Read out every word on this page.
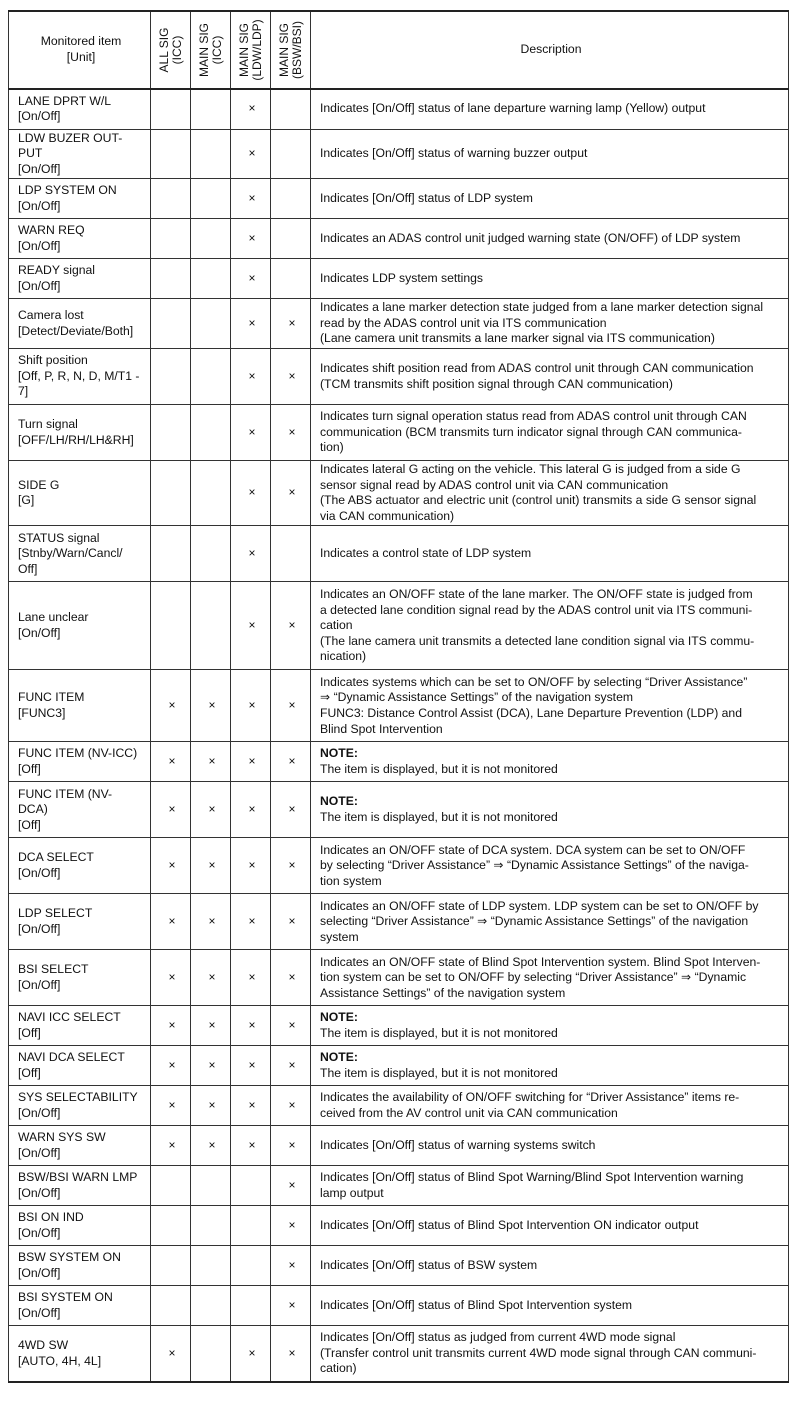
Monitored item
[Unit]	ALL SIG (ICC)	MAIN SIG (ICC)	MAIN SIG (LDW/LDP)	MAIN SIG (BSW/BSI)	Description

LANE DPRT W/L
[On/Off]			×		Indicates [On/Off] status of lane departure warning lamp (Yellow) output

LDW BUZER OUT-
PUT
[On/Off]			×		Indicates [On/Off] status of warning buzzer output

LDP SYSTEM ON
[On/Off]			×		Indicates [On/Off] status of LDP system

WARN REQ
[On/Off]			×		Indicates an ADAS control unit judged warning state (ON/OFF) of LDP system

READY signal
[On/Off]			×		Indicates LDP system settings

Camera lost
[Detect/Deviate/Both]			×	×	Indicates a lane marker detection state judged from a lane marker detection signal
read by the ADAS control unit via ITS communication
(Lane camera unit transmits a lane marker signal via ITS communication)

Shift position
[Off, P, R, N, D, M/T1 -
7]			×	×	Indicates shift position read from ADAS control unit through CAN communication
(TCM transmits shift position signal through CAN communication)

Turn signal
[OFF/LH/RH/LH&RH]			×	×	Indicates turn signal operation status read from ADAS control unit through CAN
communication (BCM transmits turn indicator signal through CAN communica-
tion)

SIDE G
[G]			×	×	Indicates lateral G acting on the vehicle. This lateral G is judged from a side G
sensor signal read by ADAS control unit via CAN communication
(The ABS actuator and electric unit (control unit) transmits a side G sensor signal
via CAN communication)

STATUS signal
[Stnby/Warn/Cancl/
Off]			×		Indicates a control state of LDP system

Lane unclear
[On/Off]			×	×	Indicates an ON/OFF state of the lane marker. The ON/OFF state is judged from
a detected lane condition signal read by the ADAS control unit via ITS communi-
cation
(The lane camera unit transmits a detected lane condition signal via ITS commu-
nication)

FUNC ITEM
[FUNC3]	×	×	×	×	Indicates systems which can be set to ON/OFF by selecting “Driver Assistance”
⇒ “Dynamic Assistance Settings” of the navigation system
FUNC3: Distance Control Assist (DCA), Lane Departure Prevention (LDP) and
Blind Spot Intervention

FUNC ITEM (NV-ICC)
[Off]	×	×	×	×	NOTE:
The item is displayed, but it is not monitored

FUNC ITEM (NV-
DCA)
[Off]	×	×	×	×	NOTE:
The item is displayed, but it is not monitored

DCA SELECT
[On/Off]	×	×	×	×	Indicates an ON/OFF state of DCA system. DCA system can be set to ON/OFF
by selecting “Driver Assistance” ⇒ “Dynamic Assistance Settings” of the naviga-
tion system

LDP SELECT
[On/Off]	×	×	×	×	Indicates an ON/OFF state of LDP system. LDP system can be set to ON/OFF by
selecting “Driver Assistance” ⇒ “Dynamic Assistance Settings” of the navigation
system

BSI SELECT
[On/Off]	×	×	×	×	Indicates an ON/OFF state of Blind Spot Intervention system. Blind Spot Interven-
tion system can be set to ON/OFF by selecting “Driver Assistance” ⇒ “Dynamic
Assistance Settings” of the navigation system

NAVI ICC SELECT
[Off]	×	×	×	×	NOTE:
The item is displayed, but it is not monitored

NAVI DCA SELECT
[Off]	×	×	×	×	NOTE:
The item is displayed, but it is not monitored

SYS SELECTABILITY
[On/Off]	×	×	×	×	Indicates the availability of ON/OFF switching for “Driver Assistance” items re-
ceived from the AV control unit via CAN communication

WARN SYS SW
[On/Off]	×	×	×	×	Indicates [On/Off] status of warning systems switch

BSW/BSI WARN LMP
[On/Off]				×	Indicates [On/Off] status of Blind Spot Warning/Blind Spot Intervention warning
lamp output

BSI ON IND
[On/Off]				×	Indicates [On/Off] status of Blind Spot Intervention ON indicator output

BSW SYSTEM ON
[On/Off]				×	Indicates [On/Off] status of BSW system

BSI SYSTEM ON
[On/Off]				×	Indicates [On/Off] status of Blind Spot Intervention system

4WD SW
[AUTO, 4H, 4L]	×		×	×	Indicates [On/Off] status as judged from current 4WD mode signal
(Transfer control unit transmits current 4WD mode signal through CAN communi-
cation)
